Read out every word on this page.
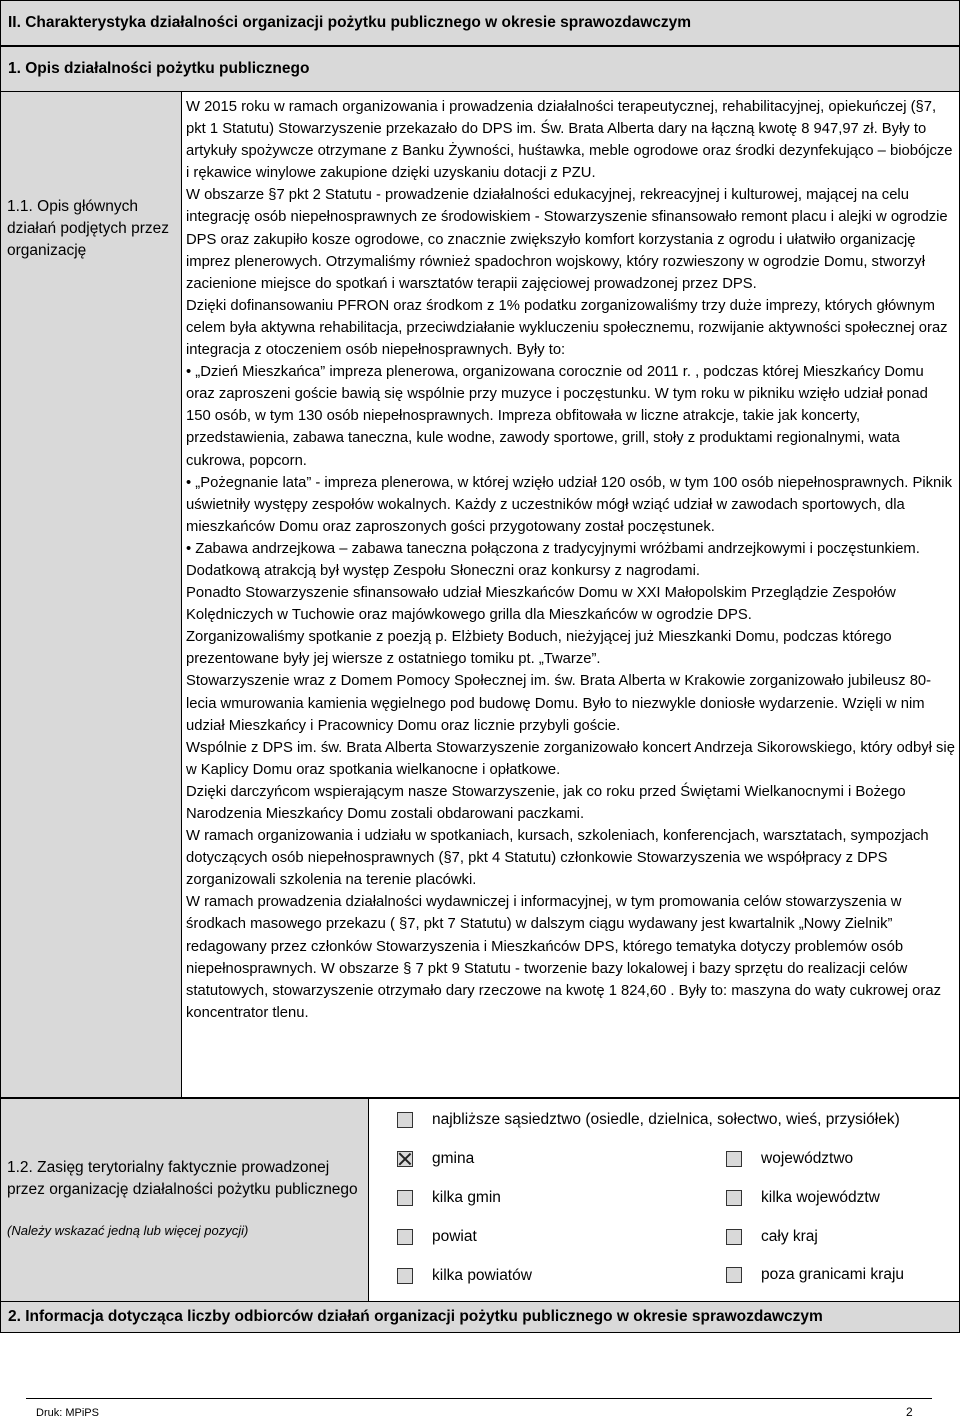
II. Charakterystyka działalności organizacji pożytku publicznego w okresie sprawozdawczym
1. Opis działalności pożytku publicznego
1.1. Opis głównych działań podjętych przez organizację

W 2015 roku w ramach organizowania i prowadzenia działalności terapeutycznej, rehabilitacyjnej, opiekuńczej (§7, pkt 1 Statutu) Stowarzyszenie przekazało do DPS im. Św. Brata Alberta dary na łączną kwotę 8 947,97 zł. Były to artykuły spożywcze otrzymane z Banku Żywności, huśtawka, meble ogrodowe oraz środki dezynfekująco – biobójcze i rękawice winylowe zakupione dzięki uzyskaniu dotacji z PZU.

W obszarze §7 pkt 2 Statutu - prowadzenie działalności edukacyjnej, rekreacyjnej i kulturowej, mającej na celu integrację osób niepełnosprawnych ze środowiskiem - Stowarzyszenie sfinansowało remont placu i alejki w ogrodzie DPS oraz zakupiło kosze ogrodowe, co znacznie zwiększyło komfort korzystania z ogrodu i ułatwiło organizację imprez plenerowych. Otrzymaliśmy również spadochron wojskowy, który rozwieszony w ogrodzie Domu, stworzył zacienione miejsce do spotkań i warsztatów terapii zajęciowej prowadzonej przez DPS.

Dzięki dofinansowaniu PFRON oraz środkom z 1% podatku zorganizowaliśmy trzy duże imprezy, których głównym celem była aktywna rehabilitacja, przeciwdziałanie wykluczeniu społecznemu, rozwijanie aktywności społecznej oraz integracja z otoczeniem osób niepełnosprawnych. Były to:

• „Dzień Mieszkańca” impreza plenerowa, organizowana corocznie od 2011 r. , podczas której Mieszkańcy Domu oraz zaproszeni goście bawią się wspólnie przy muzyce i poczęstunku. W tym roku w pikniku wzięło udział ponad 150 osób, w tym 130 osób niepełnosprawnych. Impreza obfitowała w liczne atrakcje, takie jak koncerty, przedstawienia, zabawa taneczna, kule wodne, zawody sportowe, grill, stoły z produktami regionalnymi, wata cukrowa, popcorn.

• „Pożegnanie lata” - impreza plenerowa, w której wzięło udział 120 osób, w tym 100 osób niepełnosprawnych. Piknik uświetniły występy zespołów wokalnych. Każdy z uczestników mógł wziąć udział w zawodach sportowych, dla mieszkańców Domu oraz zaproszonych gości przygotowany został poczęstunek.

• Zabawa andrzejkowa – zabawa taneczna połączona z tradycyjnymi wróżbami andrzejkowymi i poczęstunkiem. Dodatkową atrakcją był występ Zespołu Słoneczni oraz konkursy z nagrodami.

Ponadto Stowarzyszenie sfinansowało udział Mieszkańców Domu w XXI Małopolskim Przeglądzie Zespołów Kolędniczych w Tuchowie oraz majówkowego grilla dla Mieszkańców w ogrodzie DPS.

Zorganizowaliśmy spotkanie z poezją p. Elżbiety Boduch, nieżyjącej już Mieszkanki Domu, podczas którego prezentowane były jej wiersze z ostatniego tomiku pt. „Twarze”.

Stowarzyszenie wraz z Domem Pomocy Społecznej im. św. Brata Alberta w Krakowie zorganizowało jubileusz 80- lecia wmurowania kamienia węgielnego pod budowę Domu. Było to niezwykle doniosłe wydarzenie. Wzięli w nim udział Mieszkańcy i Pracownicy Domu oraz licznie przybyli goście.

Wspólnie z DPS im. św. Brata Alberta Stowarzyszenie zorganizowało koncert Andrzeja Sikorowskiego, który odbył się w Kaplicy Domu oraz spotkania wielkanocne i opłatkowe.

Dzięki darczyńcom wspierającym nasze Stowarzyszenie, jak co roku przed Świętami Wielkanocnymi i Bożego Narodzenia Mieszkańcy Domu zostali obdarowani paczkami.

W ramach organizowania i udziału w spotkaniach, kursach, szkoleniach, konferencjach, warsztatach, sympozjach dotyczących osób niepełnosprawnych (§7, pkt 4 Statutu) członkowie Stowarzyszenia we współpracy z DPS zorganizowali szkolenia na terenie placówki.

W ramach prowadzenia działalności wydawniczej i informacyjnej, w tym promowania celów stowarzyszenia w środkach masowego przekazu ( §7, pkt 7 Statutu) w dalszym ciągu wydawany jest kwartalnik „Nowy Zielnik” redagowany przez członków Stowarzyszenia i Mieszkańców DPS, którego tematyka dotyczy problemów osób niepełnosprawnych. W obszarze § 7 pkt 9 Statutu - tworzenie bazy lokalowej i bazy sprzętu do realizacji celów statutowych, stowarzyszenie otrzymało dary rzeczowe na kwotę 1 824,60 . Były to: maszyna do waty cukrowej oraz koncentrator tlenu.

1.2. Zasięg terytorialny faktycznie prowadzonej przez organizację działalności pożytku publicznego
(Należy wskazać jedną lub więcej pozycji)
najbliższe sąsiedztwo (osiedle, dzielnica, sołectwo, wieś, przysiółek)
gmina
kilka gmin
powiat
kilka powiatów
województwo
kilka województw
cały kraj
poza granicami kraju
2. Informacja dotycząca liczby odbiorców działań organizacji pożytku publicznego w okresie sprawozdawczym
Druk: MPiPS	2
